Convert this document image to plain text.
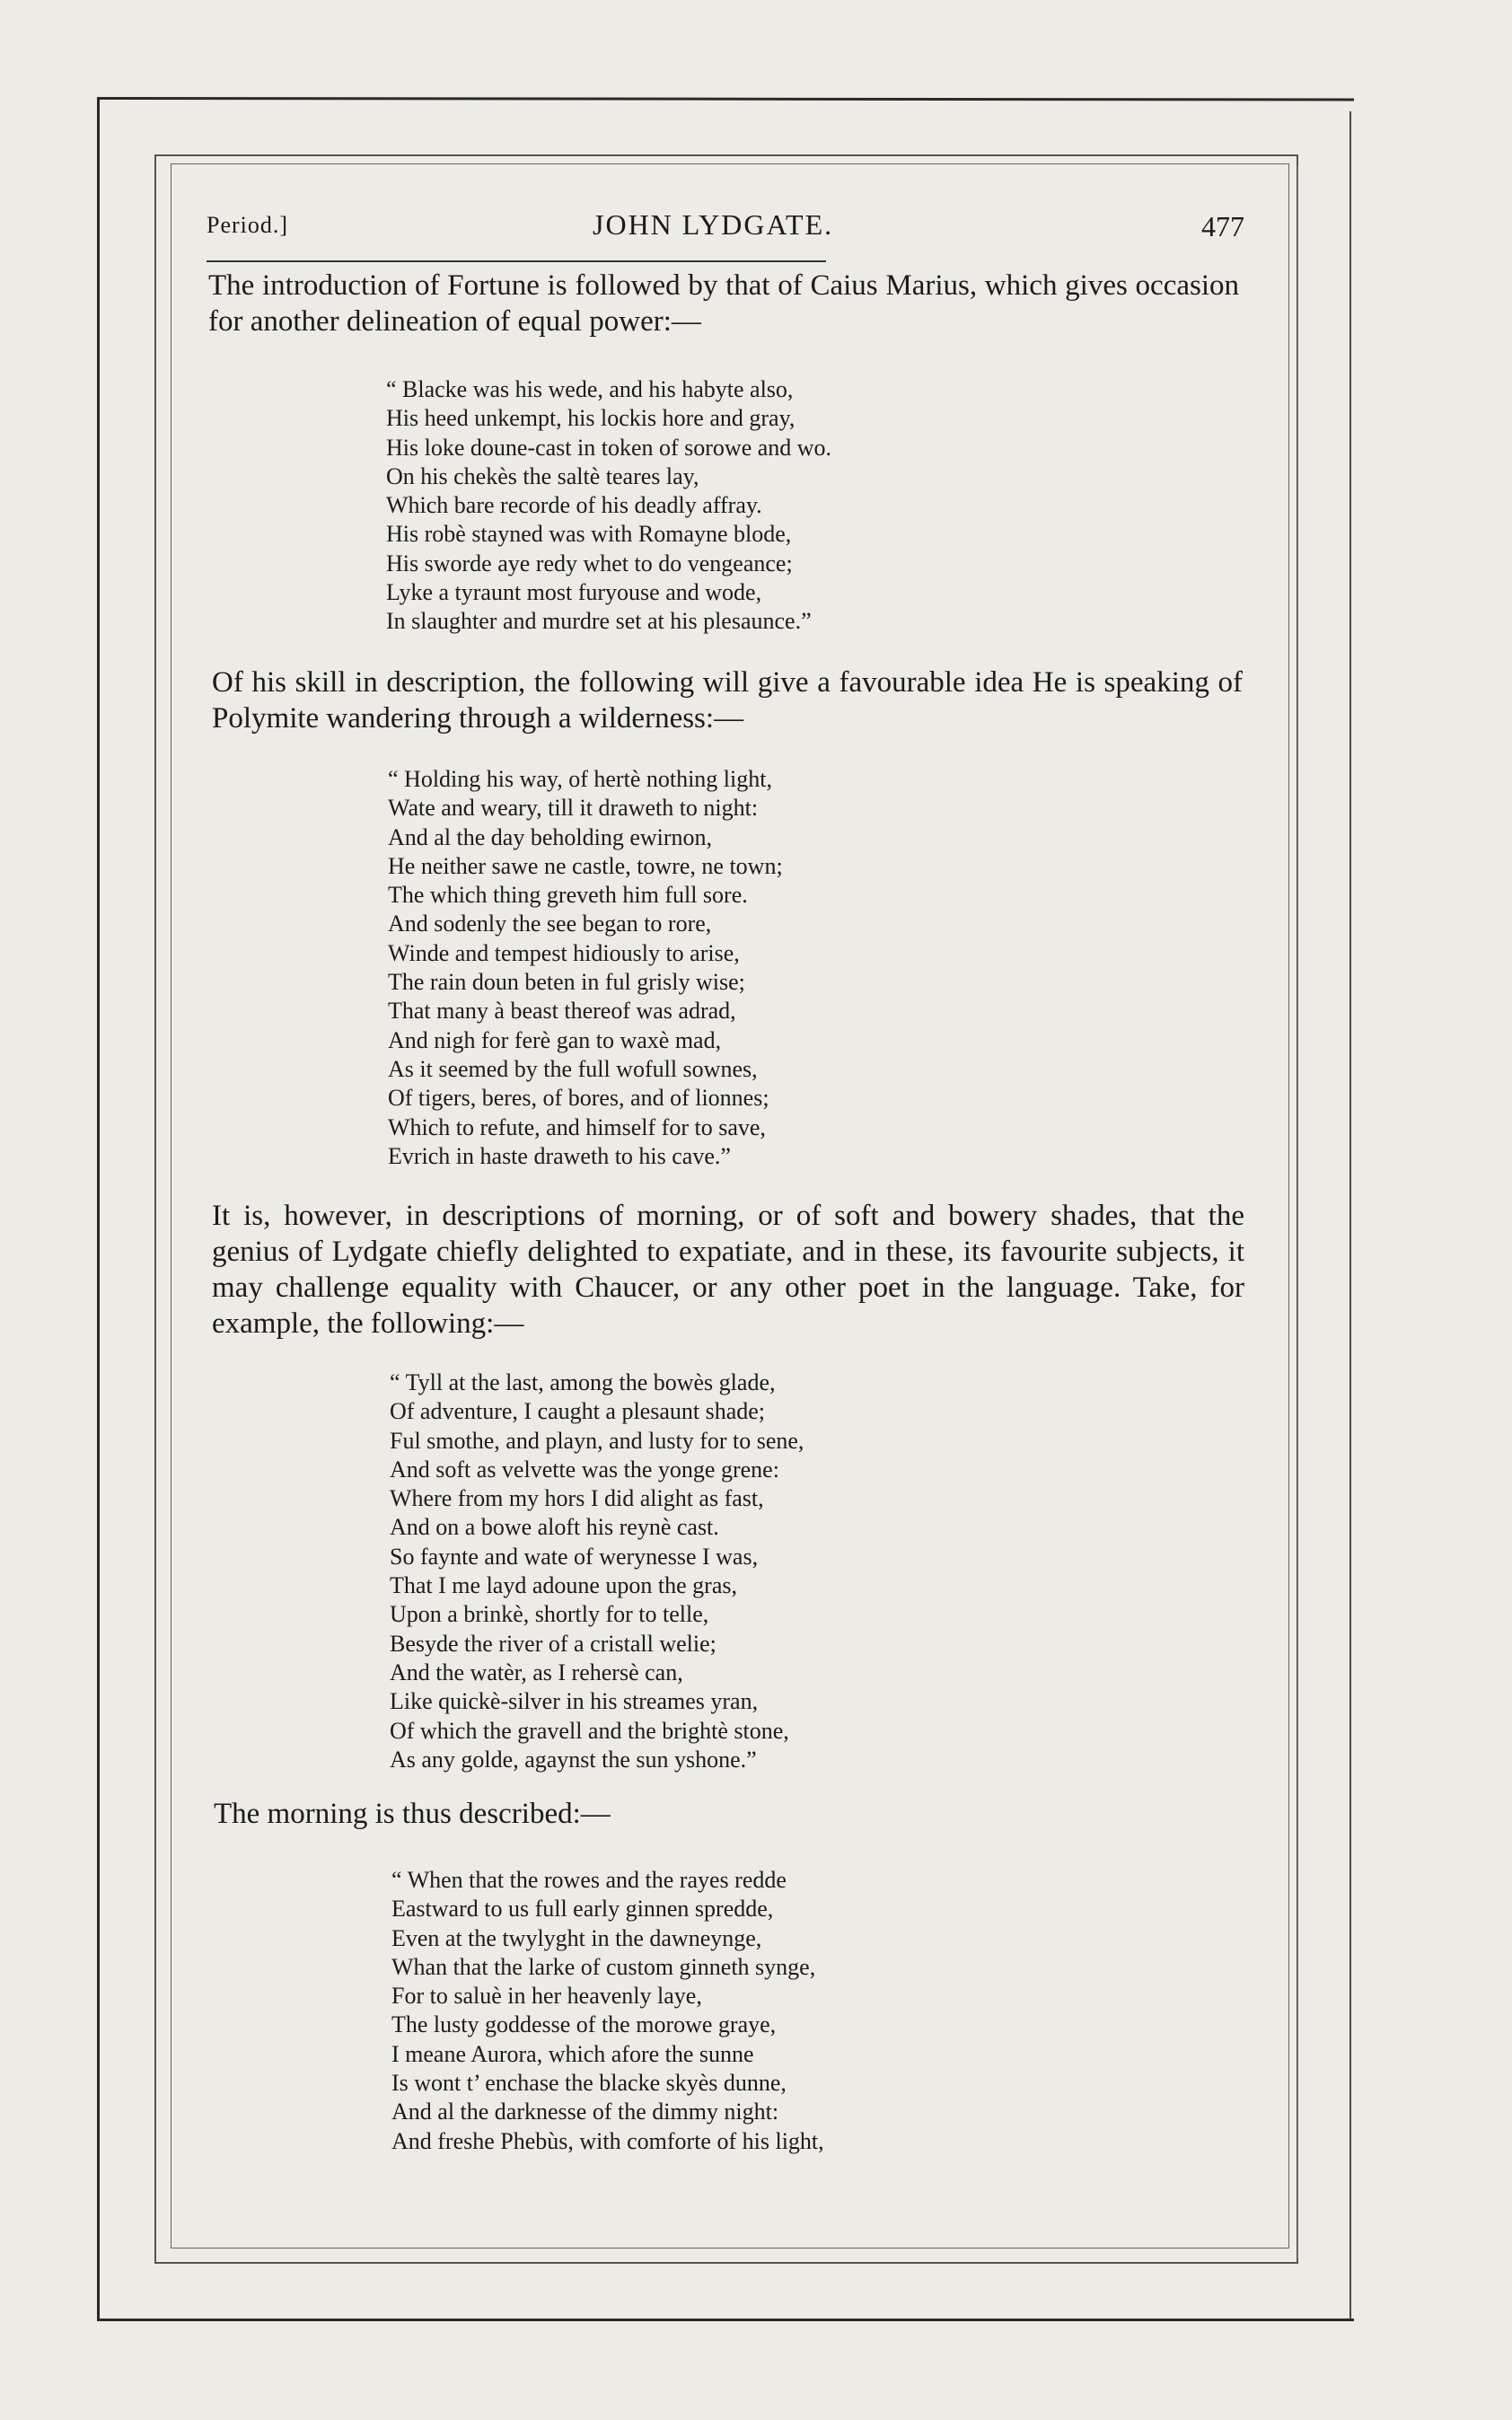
Period.]	JOHN LYDGATE.	477

The introduction of Fortune is followed by that of Caius Marius, which gives occasion for another delineation of equal power:—

“ Blacke was his wede, and his habyte also,
His heed unkempt, his lockis hore and gray,
His loke doune-cast in token of sorowe and wo.
On his chekès the saltè teares lay,
Which bare recorde of his deadly affray.
His robè stayned was with Romayne blode,
His sworde aye redy whet to do vengeance;
Lyke a tyraunt most furyouse and wode,
In slaughter and murdre set at his plesaunce.”

Of his skill in description, the following will give a favourable idea He is speaking of Polymite wandering through a wilderness:—

“ Holding his way, of hertè nothing light,
Wate and weary, till it draweth to night:
And al the day beholding ewirnon,
He neither sawe ne castle, towre, ne town;
The which thing greveth him full sore.
And sodenly the see began to rore,
Winde and tempest hidiously to arise,
The rain doun beten in ful grisly wise;
That many à beast thereof was adrad,
And nigh for ferè gan to waxè mad,
As it seemed by the full wofull sownes,
Of tigers, beres, of bores, and of lionnes;
Which to refute, and himself for to save,
Evrich in haste draweth to his cave.”

It is, however, in descriptions of morning, or of soft and bowery shades, that the genius of Lydgate chiefly delighted to expatiate, and in these, its favourite subjects, it may challenge equality with Chaucer, or any other poet in the language. Take, for example, the following:—

“ Tyll at the last, among the bowès glade,
Of adventure, I caught a plesaunt shade;
Ful smothe, and playn, and lusty for to sene,
And soft as velvette was the yonge grene:
Where from my hors I did alight as fast,
And on a bowe aloft his reynè cast.
So faynte and wate of werynesse I was,
That I me layd adoune upon the gras,
Upon a brinkè, shortly for to telle,
Besyde the river of a cristall welie;
And the watèr, as I rehersè can,
Like quickè-silver in his streames yran,
Of which the gravell and the brightè stone,
As any golde, agaynst the sun yshone.”

The morning is thus described:—

“ When that the rowes and the rayes redde
Eastward to us full early ginnen spredde,
Even at the twylyght in the dawneynge,
Whan that the larke of custom ginneth synge,
For to saluè in her heavenly laye,
The lusty goddesse of the morowe graye,
I meane Aurora, which afore the sunne
Is wont t’ enchase the blacke skyès dunne,
And al the darknesse of the dimmy night:
And freshe Phebùs, with comforte of his light,
